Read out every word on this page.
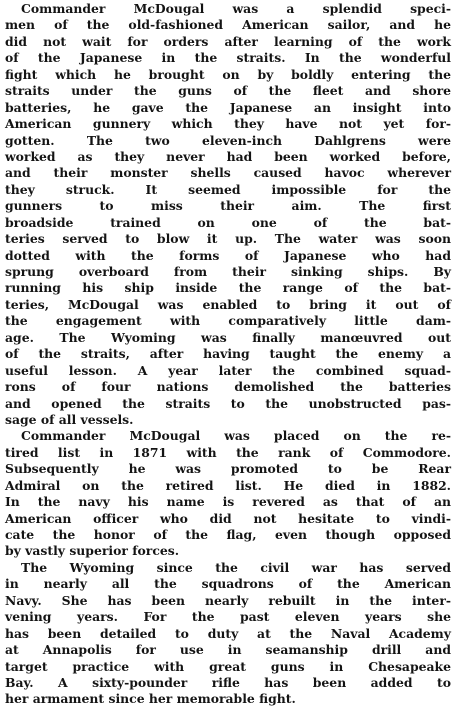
Commander McDougal was a splendid speci-
men of the old-fashioned American sailor, and he
did not wait for orders after learning of the work
of the Japanese in the straits. In the wonderful
fight which he brought on by boldly entering the
straits under the guns of the fleet and shore
batteries, he gave the Japanese an insight into
American gunnery which they have not yet for-
gotten. The two eleven-inch Dahlgrens were
worked as they never had been worked before,
and their monster shells caused havoc wherever
they struck. It seemed impossible for the
gunners to miss their aim. The first
broadside trained on one of the bat-
teries served to blow it up. The water was soon
dotted with the forms of Japanese who had
sprung overboard from their sinking ships. By
running his ship inside the range of the bat-
teries, McDougal was enabled to bring it out of
the engagement with comparatively little dam-
age. The Wyoming was finally manœuvred out
of the straits, after having taught the enemy a
useful lesson. A year later the combined squad-
rons of four nations demolished the batteries
and opened the straits to the unobstructed pas-
sage of all vessels.
Commander McDougal was placed on the re-
tired list in 1871 with the rank of Commodore.
Subsequently he was promoted to be Rear
Admiral on the retired list. He died in 1882.
In the navy his name is revered as that of an
American officer who did not hesitate to vindi-
cate the honor of the flag, even though opposed
by vastly superior forces.
The Wyoming since the civil war has served
in nearly all the squadrons of the American
Navy. She has been nearly rebuilt in the inter-
vening years. For the past eleven years she
has been detailed to duty at the Naval Academy
at Annapolis for use in seamanship drill and
target practice with great guns in Chesapeake
Bay. A sixty-pounder rifle has been added to
her armament since her memorable fight.
